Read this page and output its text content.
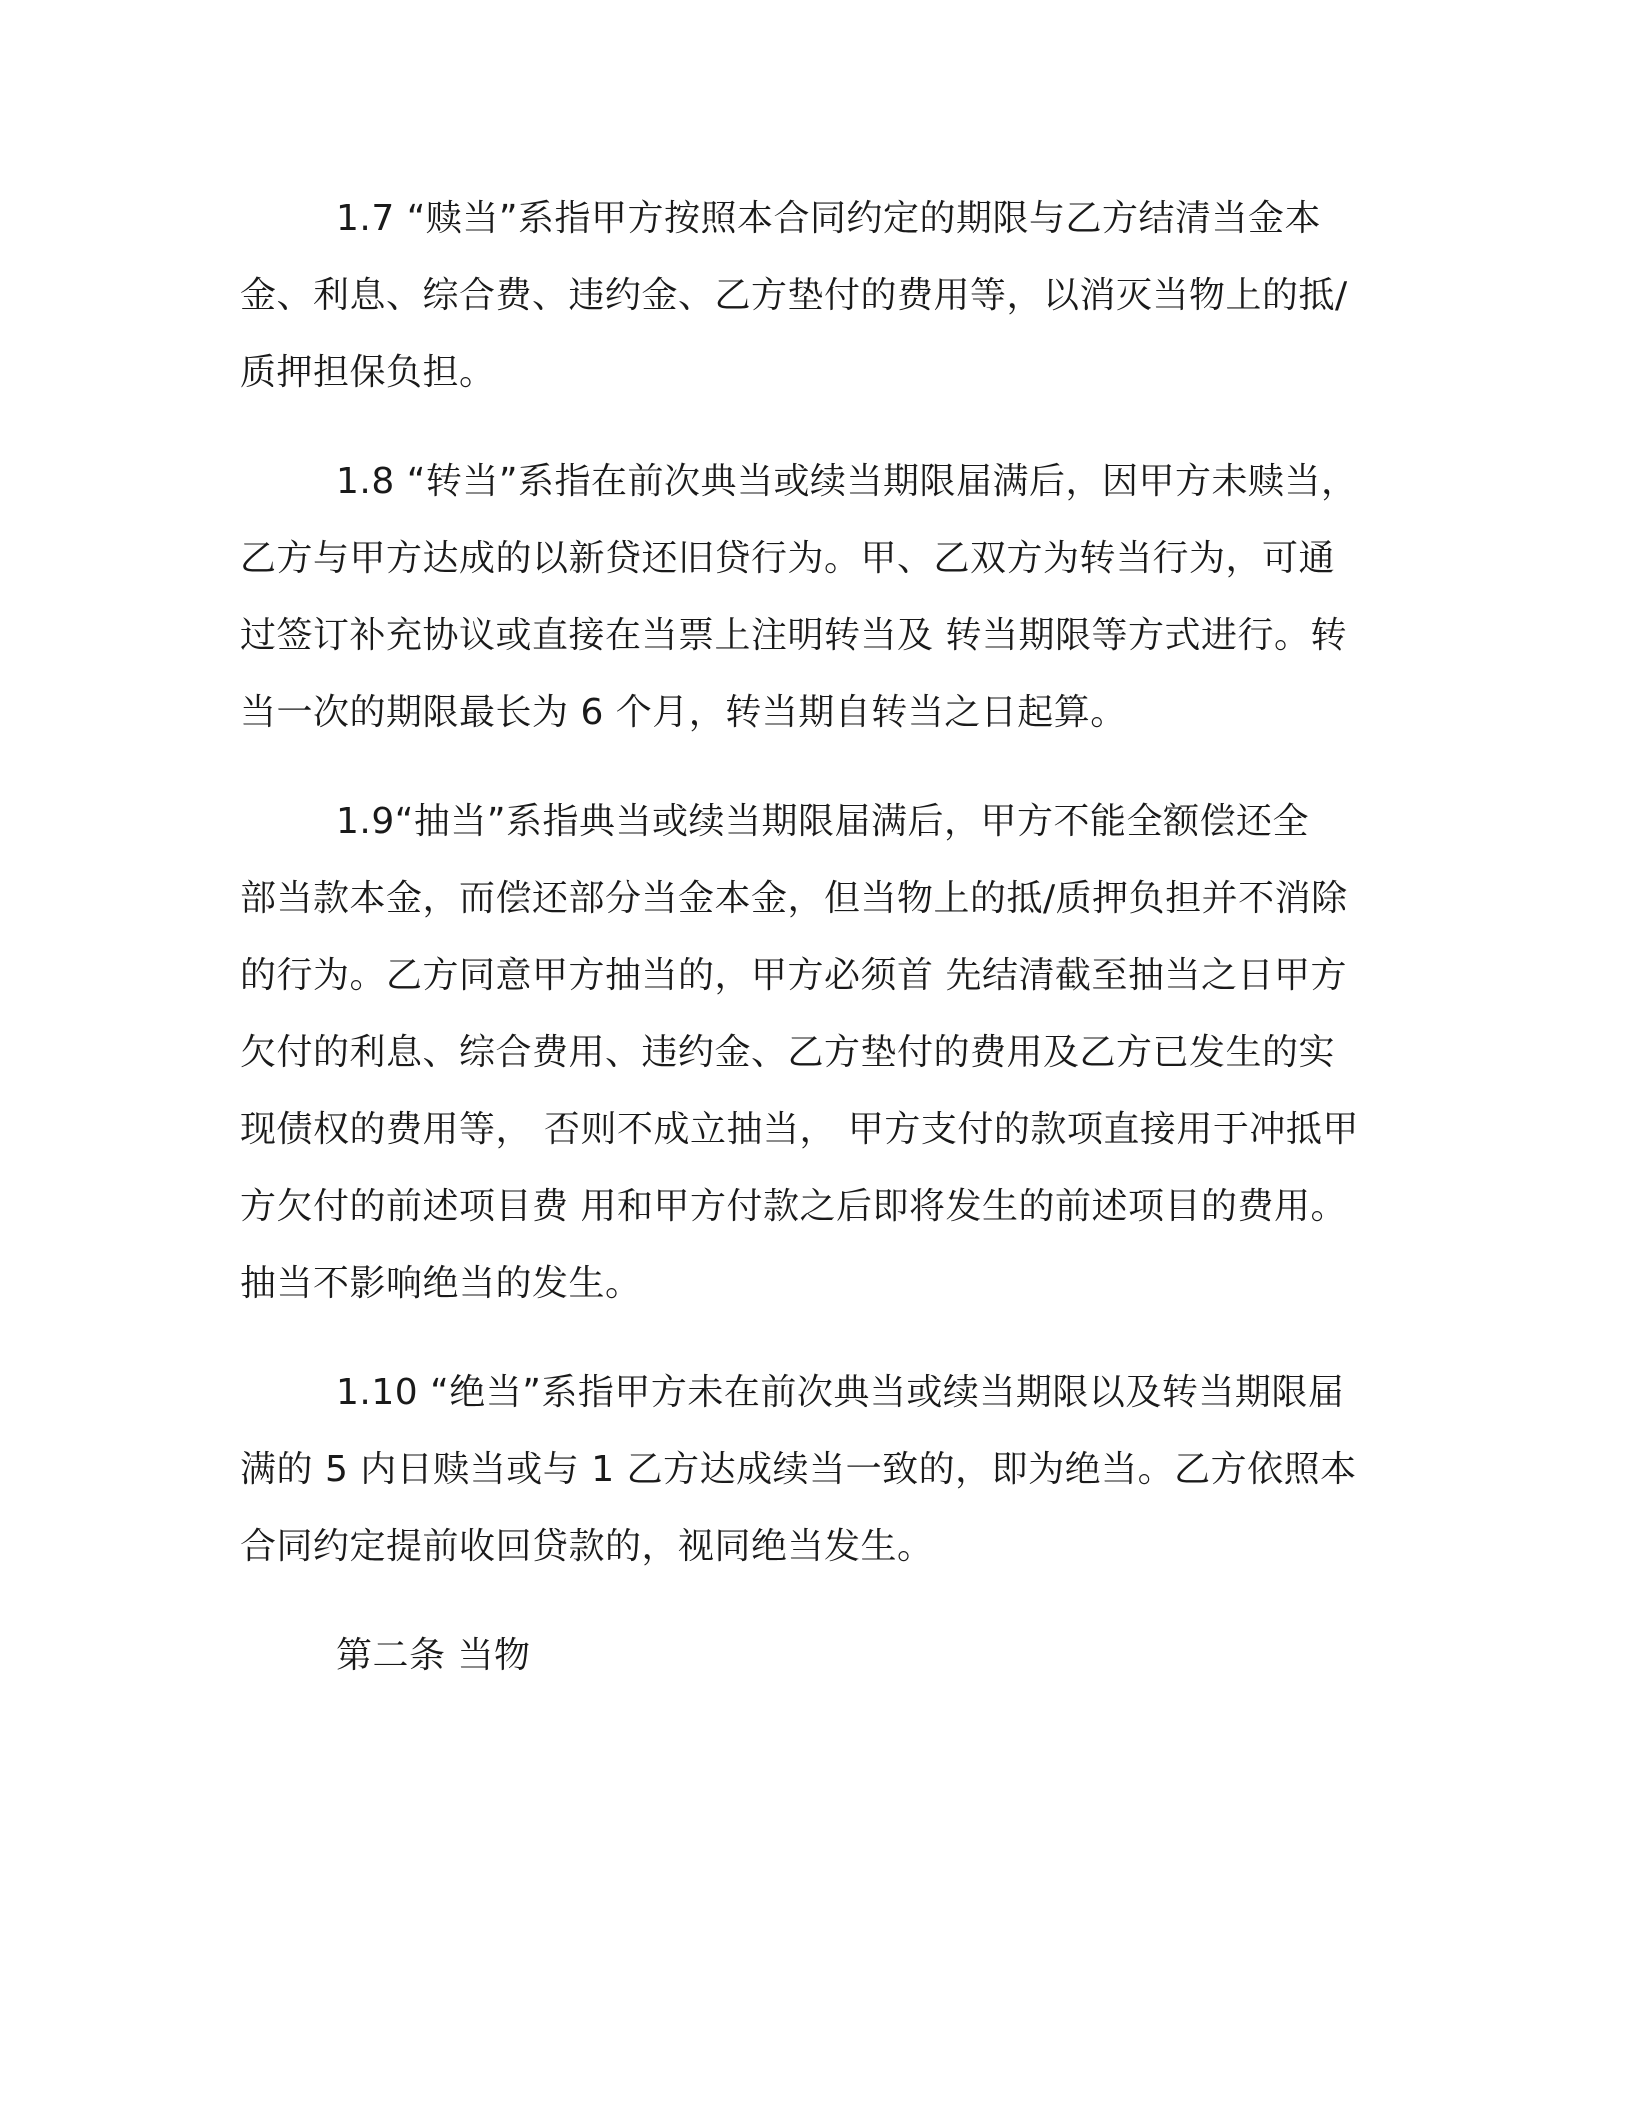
1.7 “赎当”系指甲方按照本合同约定的期限与乙方结清当金本
金、利息、综合费、违约金、乙方垫付的费用等，以消灭当物上的抵/
质押担保负担。

1.8 “转当”系指在前次典当或续当期限届满后，因甲方未赎当，
乙方与甲方达成的以新贷还旧贷行为。甲、乙双方为转当行为，可通
过签订补充协议或直接在当票上注明转当及 转当期限等方式进行。转
当一次的期限最长为 6 个月，转当期自转当之日起算。

1.9“抽当”系指典当或续当期限届满后，甲方不能全额偿还全
部当款本金，而偿还部分当金本金，但当物上的抵/质押负担并不消除
的行为。乙方同意甲方抽当的，甲方必须首 先结清截至抽当之日甲方
欠付的利息、综合费用、违约金、乙方垫付的费用及乙方已发生的实
现债权的费用等， 否则不成立抽当， 甲方支付的款项直接用于冲抵甲
方欠付的前述项目费 用和甲方付款之后即将发生的前述项目的费用。
抽当不影响绝当的发生。

1.10 “绝当”系指甲方未在前次典当或续当期限以及转当期限届
满的 5 内日赎当或与 1 乙方达成续当一致的，即为绝当。乙方依照本
合同约定提前收回贷款的，视同绝当发生。

第二条 当物
